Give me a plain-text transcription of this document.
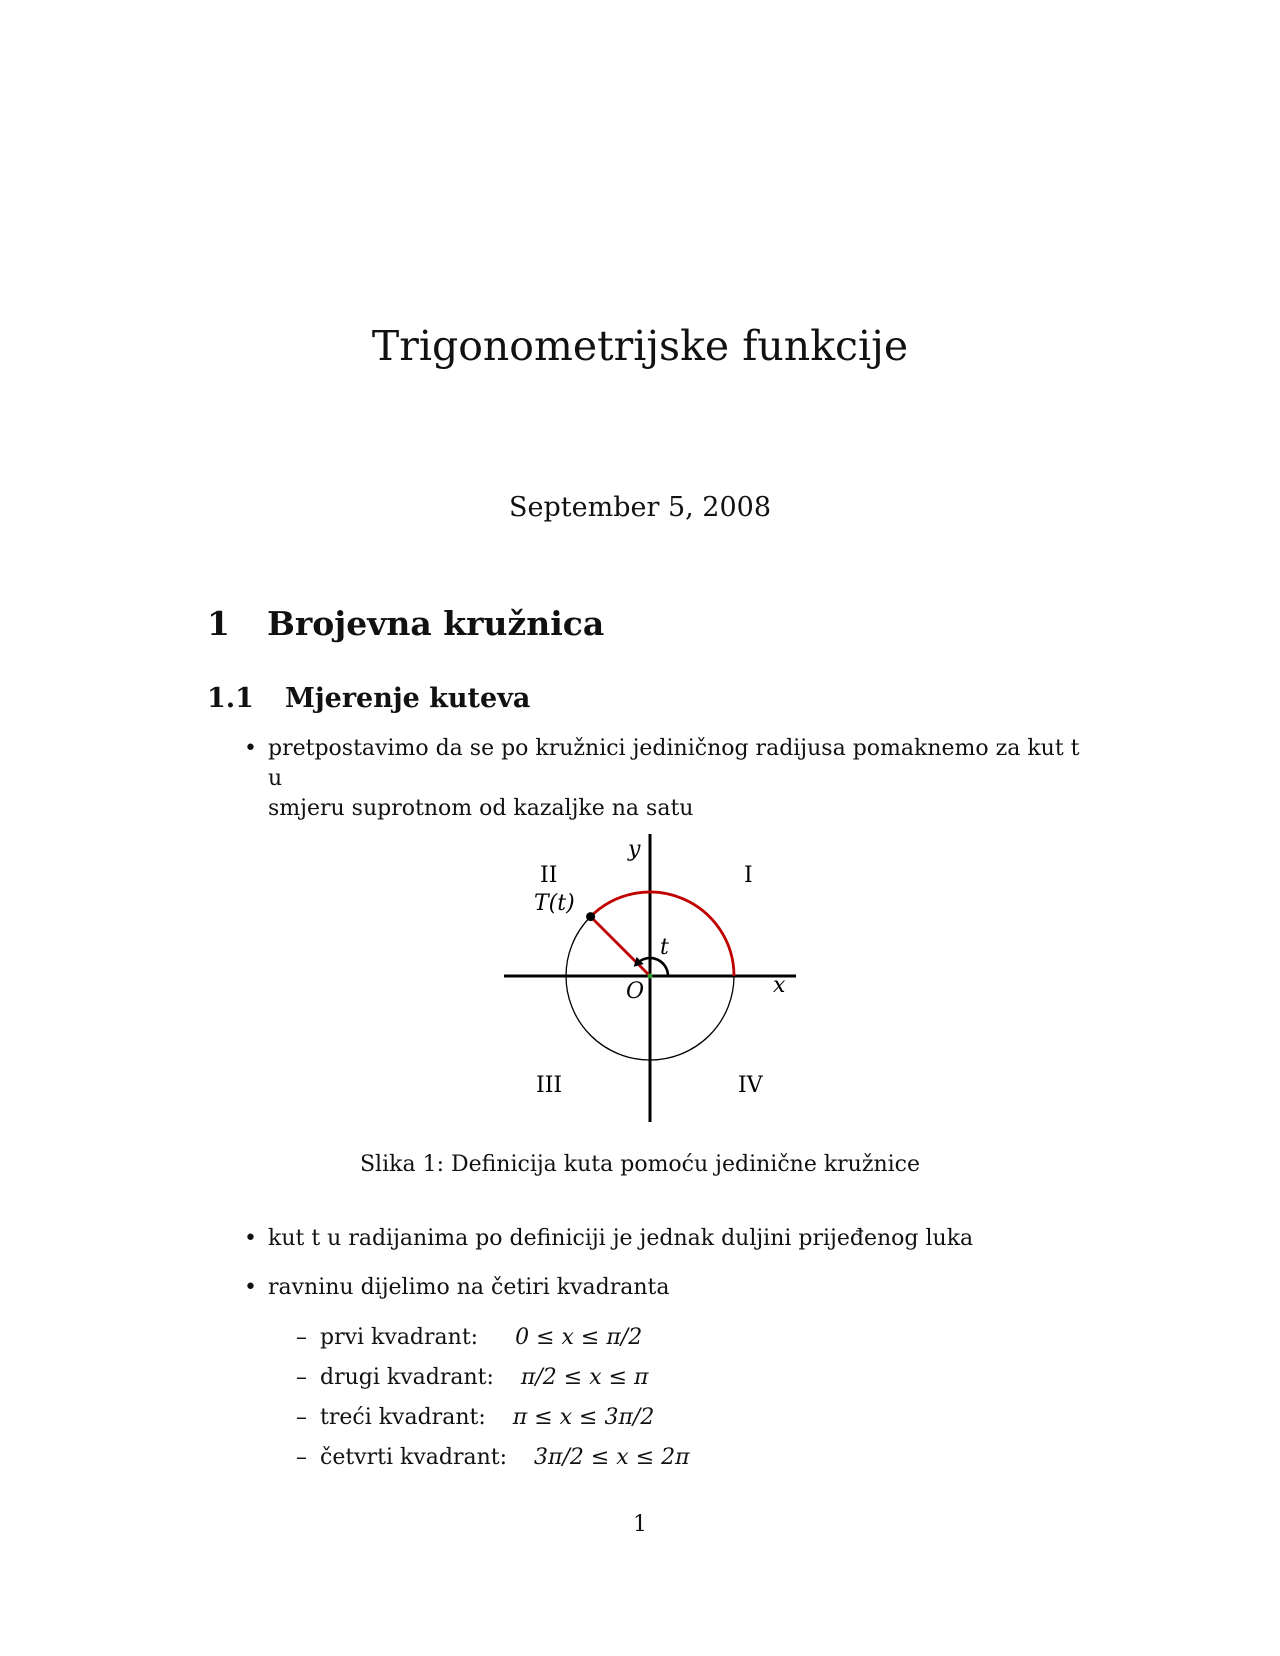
Trigonometrijske funkcije
September 5, 2008
1 Brojevna kružnica
1.1 Mjerenje kuteva
• pretpostavimo da se po kružnici jediničnog radijusa pomaknemo za kut t u
smjeru suprotnom od kazaljke na satu
y
x
O
T(t)
t
II	I
III	IV
Slika 1: Definicija kuta pomoću jedinične kružnice
• kut t u radijanima po definiciji je jednak duljini prijeđenog luka
• ravninu dijelimo na četiri kvadranta
– prvi kvadrant: 0 ≤ x ≤ π/2
– drugi kvadrant: π/2 ≤ x ≤ π
– treći kvadrant: π ≤ x ≤ 3π/2
– četvrti kvadrant: 3π/2 ≤ x ≤ 2π
1
